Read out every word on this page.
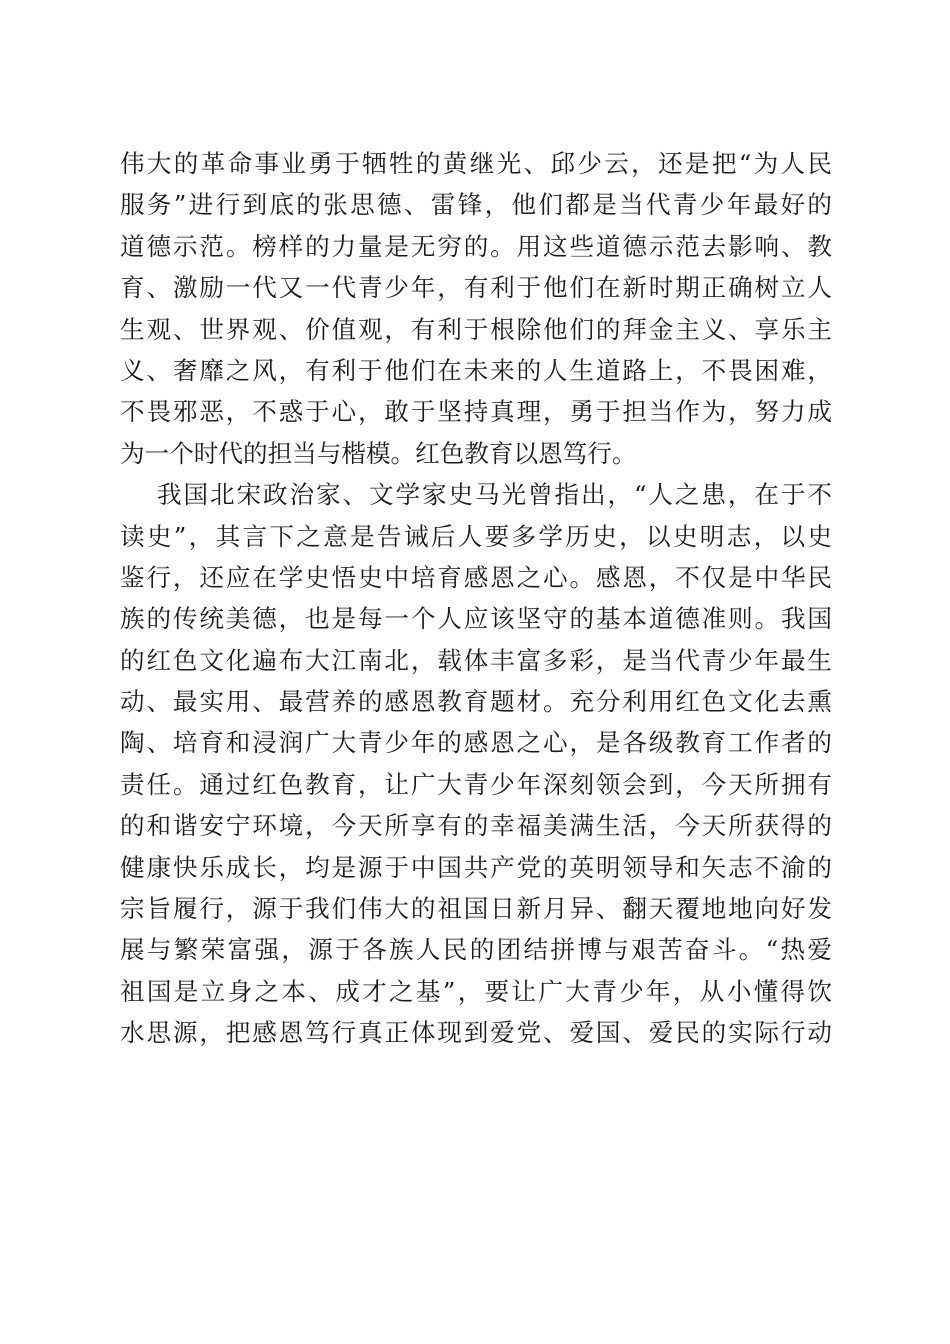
伟大的革命事业勇于牺牲的黄继光、邱少云，还是把“为人民
服务”进行到底的张思德、雷锋，他们都是当代青少年最好的
道德示范。榜样的力量是无穷的。用这些道德示范去影响、教
育、激励一代又一代青少年，有利于他们在新时期正确树立人
生观、世界观、价值观，有利于根除他们的拜金主义、享乐主
义、奢靡之风，有利于他们在未来的人生道路上，不畏困难，
不畏邪恶，不惑于心，敢于坚持真理，勇于担当作为，努力成
为一个时代的担当与楷模。红色教育以恩笃行。
我国北宋政治家、文学家史马光曾指出，“人之患，在于不
读史”，其言下之意是告诫后人要多学历史，以史明志，以史
鉴行，还应在学史悟史中培育感恩之心。感恩，不仅是中华民
族的传统美德，也是每一个人应该坚守的基本道德准则。我国
的红色文化遍布大江南北，载体丰富多彩，是当代青少年最生
动、最实用、最营养的感恩教育题材。充分利用红色文化去熏
陶、培育和浸润广大青少年的感恩之心，是各级教育工作者的
责任。通过红色教育，让广大青少年深刻领会到，今天所拥有
的和谐安宁环境，今天所享有的幸福美满生活，今天所获得的
健康快乐成长，均是源于中国共产党的英明领导和矢志不渝的
宗旨履行，源于我们伟大的祖国日新月异、翻天覆地地向好发
展与繁荣富强，源于各族人民的团结拼博与艰苦奋斗。“热爱
祖国是立身之本、成才之基”，要让广大青少年，从小懂得饮
水思源，把感恩笃行真正体现到爱党、爱国、爱民的实际行动
